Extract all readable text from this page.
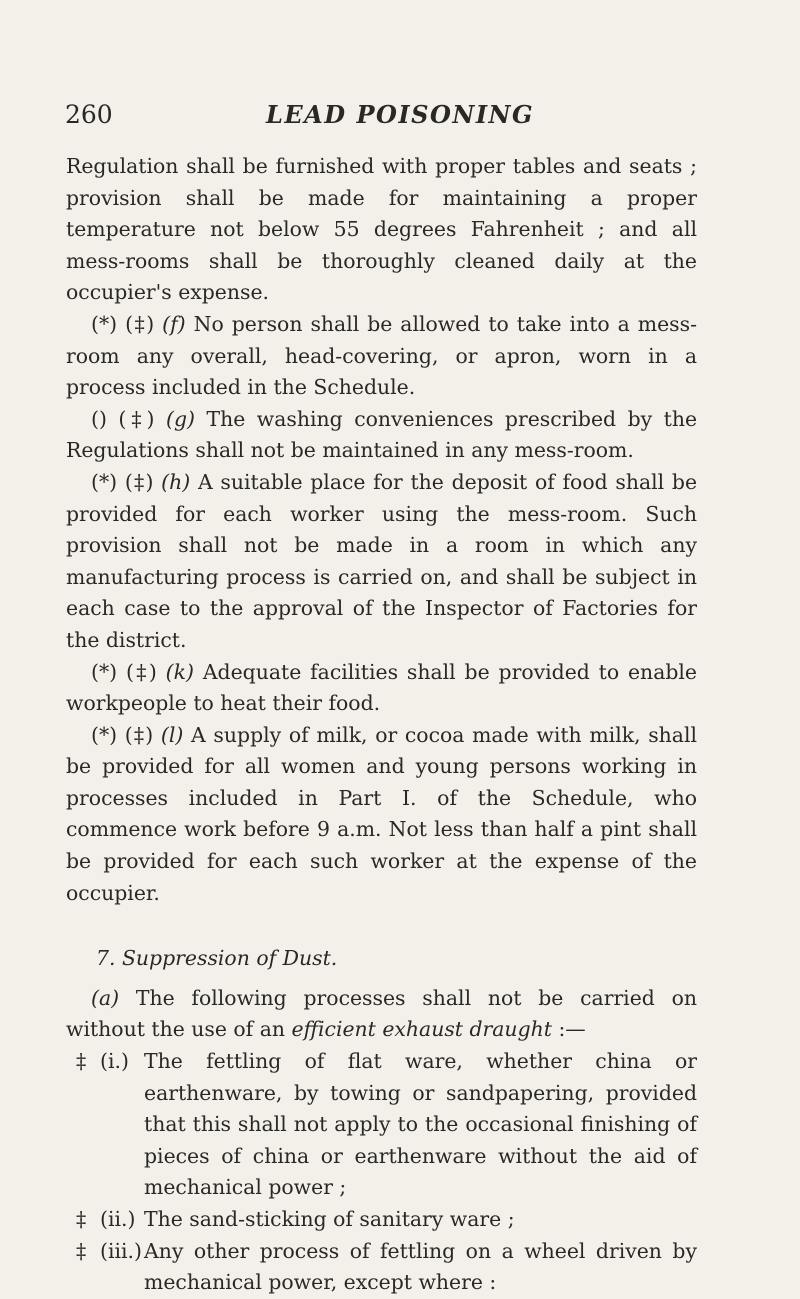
260	LEAD POISONING

Regulation shall be furnished with proper tables and seats ; provision shall be made for maintaining a proper temperature not below 55 degrees Fahrenheit ; and all mess-rooms shall be thoroughly cleaned daily at the occupier's expense.

(*) (‡) (f) No person shall be allowed to take into a mess-room any overall, head-covering, or apron, worn in a process included in the Schedule.

() (‡) (g) The washing conveniences prescribed by the Regulations shall not be maintained in any mess-room.

(*) (‡) (h) A suitable place for the deposit of food shall be provided for each worker using the mess-room. Such provision shall not be made in a room in which any manufacturing process is carried on, and shall be subject in each case to the approval of the Inspector of Factories for the district.

(*) (‡) (k) Adequate facilities shall be provided to enable workpeople to heat their food.

(*) (‡) (l) A supply of milk, or cocoa made with milk, shall be provided for all women and young persons working in processes included in Part I. of the Schedule, who commence work before 9 a.m. Not less than half a pint shall be provided for each such worker at the expense of the occupier.

7. Suppression of Dust.

(a) The following processes shall not be carried on without the use of an efficient exhaust draught :—

‡ (i.) The fettling of flat ware, whether china or earthenware, by towing or sandpapering, provided that this shall not apply to the occasional finishing of pieces of china or earthenware without the aid of mechanical power ;
‡ (ii.) The sand-sticking of sanitary ware ;
‡ (iii.) Any other process of fettling on a wheel driven by mechanical power, except where :
